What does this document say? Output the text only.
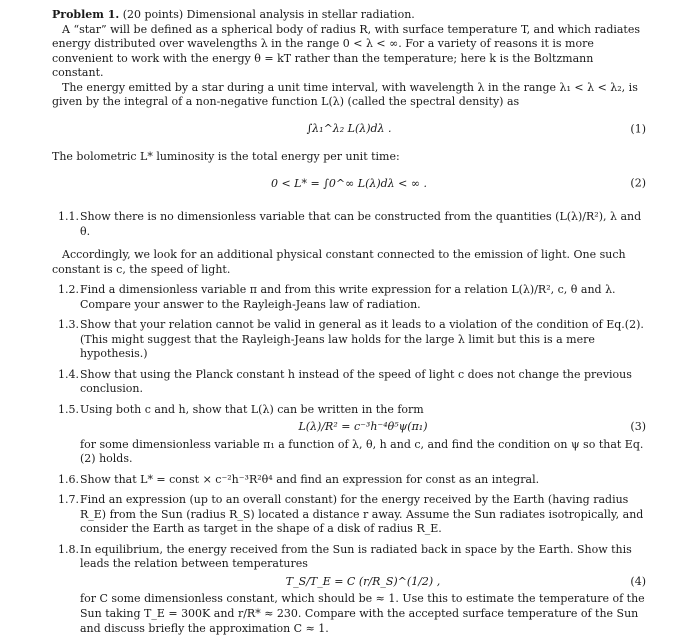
Problem 1. (20 points) Dimensional analysis in stellar radiation.

A “star” will be defined as a spherical body of radius R, with surface temperature T, and which radiates energy distributed over wavelengths λ in the range 0 < λ < ∞. For a variety of reasons it is more convenient to work with the energy θ = kT rather than the temperature; here k is the Boltzmann constant.

The energy emitted by a star during a unit time interval, with wavelength λ in the range λ₁ < λ < λ₂, is given by the integral of a non-negative function L(λ) (called the spectral density) as

∫λ₁^λ₂ L(λ)dλ .	(1)

The bolometric L* luminosity is the total energy per unit time:

0 < L* = ∫0^∞ L(λ)dλ < ∞ .	(2)
1.1. Show there is no dimensionless variable that can be constructed from the quantities (L(λ)/R²), λ and θ.

Accordingly, we look for an additional physical constant connected to the emission of light. One such constant is c, the speed of light.

1.2. Find a dimensionless variable π and from this write expression for a relation L(λ)/R², c, θ and λ. Compare your answer to the Rayleigh-Jeans law of radiation.
1.3. Show that your relation cannot be valid in general as it leads to a violation of the condition of Eq.(2). (This might suggest that the Rayleigh-Jeans law holds for the large λ limit but this is a mere hypothesis.)
1.4. Show that using the Planck constant h instead of the speed of light c does not change the previous conclusion.
1.5. Using both c and h, show that L(λ) can be written in the form
L(λ)/R² = c⁻³h⁻⁴θ⁵ψ(π₁)	(3)
for some dimensionless variable π₁ a function of λ, θ, h and c, and find the condition on ψ so that Eq.(2) holds.
1.6. Show that L* = const × c⁻²h⁻³R²θ⁴ and find an expression for const as an integral.
1.7. Find an expression (up to an overall constant) for the energy received by the Earth (having radius R_E) from the Sun (radius R_S) located a distance r away. Assume the Sun radiates isotropically, and consider the Earth as target in the shape of a disk of radius R_E.
1.8. In equilibrium, the energy received from the Sun is radiated back in space by the Earth. Show this leads the relation between temperatures
T_S/T_E = C (r/R_S)^(1/2) ,	(4)
for C some dimensionless constant, which should be ≈ 1. Use this to estimate the temperature of the Sun taking T_E = 300K and r/R* ≈ 230. Compare with the accepted surface temperature of the Sun and discuss briefly the approximation C ≈ 1.
